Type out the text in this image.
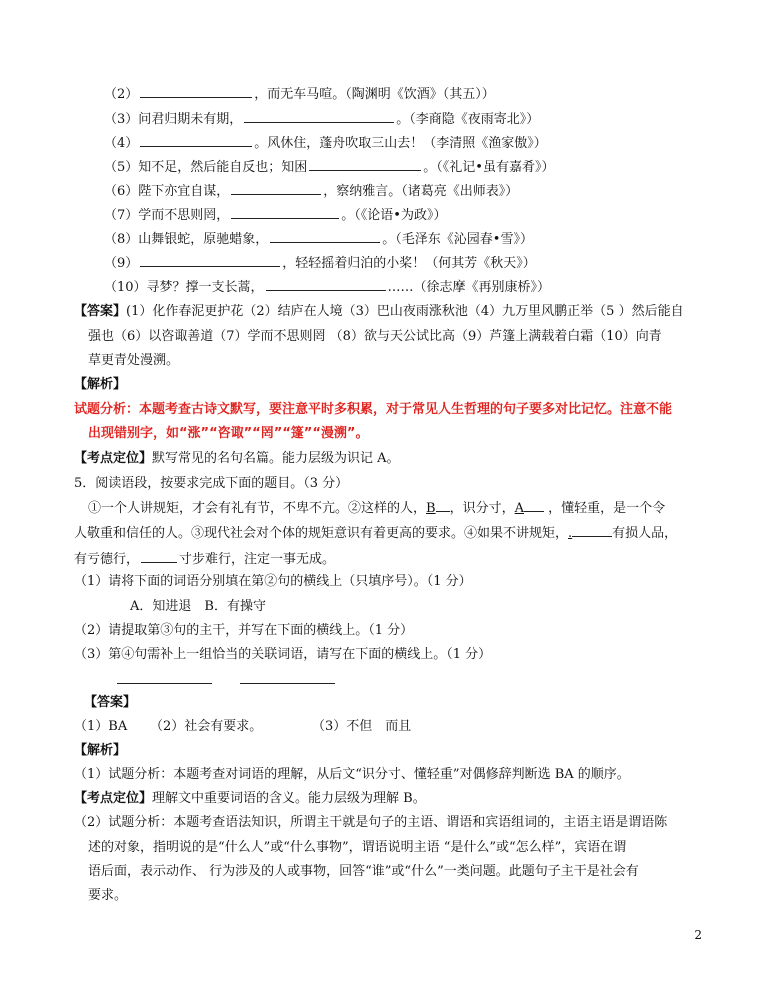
（2）	，而无车马喧。（陶渊明《饮酒》（其五））
（3）问君归期未有期，	。（李商隐《夜雨寄北》）
（4）	。风休住，蓬舟吹取三山去！（李清照《渔家傲》）
（5）知不足，然后能自反也；知困	。（《礼记•虽有嘉肴》）
（6）陛下亦宜自谋，	，察纳雅言。（诸葛亮《出师表》）
（7）学而不思则罔，	。（《论语•为政》）
（8）山舞银蛇，原驰蜡象，	。（毛泽东《沁园春•雪》）
（9）	，轻轻摇着归泊的小桨！（何其芳《秋天》）
（10）寻梦？撑一支长蒿，	……（徐志摩《再别康桥》）
【答案】(1）化作春泥更护花（2）结庐在人境（3）巴山夜雨涨秋池（4）九万里风鹏正举（5 ）然后能自
强也（6）以咨诹善道（7）学而不思则罔 （8）欲与天公试比高（9）芦篷上满载着白霜（10）向青
草更青处漫溯。
【解析】
试题分析：本题考查古诗文默写，要注意平时多积累，对于常见人生哲理的句子要多对比记忆。注意不能
出现错别字，如“涨”“咨诹”“罔”“篷”“漫溯”。
【考点定位】默写常见的名句名篇。能力层级为识记 A。
5．阅读语段，按要求完成下面的题目。（3 分）
①一个人讲规矩，才会有礼有节，不卑不亢。②这样的人，B ，识分寸，A ，懂轻重，是一个令
人敬重和信任的人。③现代社会对个体的规矩意识有着更高的要求。④如果不讲规矩，.	有损人品，
有亏德行，	寸步难行，注定一事无成。
（1）请将下面的词语分别填在第②句的横线上（只填序号）。（1 分）
A．知进退　B．有操守
（2）请提取第③句的主干，并写在下面的横线上。（1 分）
（3）第④句需补上一组恰当的关联词语，请写在下面的横线上。（1 分）
【答案】
（1）BA （2）社会有要求。	（3）不但　而且
【解析】
（1）试题分析：本题考查对词语的理解，从后文“识分寸、懂轻重”对偶修辞判断选 BA 的顺序。
【考点定位】理解文中重要词语的含义。能力层级为理解 B。
（2）试题分析：本题考查语法知识，所谓主干就是句子的主语、谓语和宾语组词的，主语主语是谓语陈
述的对象，指明说的是“什么人”或“什么事物”，谓语说明主语 “是什么”或“怎么样”，宾语在谓
语后面，表示动作、 行为涉及的人或事物，回答“谁”或“什么”一类问题。此题句子主干是社会有
要求。
2
